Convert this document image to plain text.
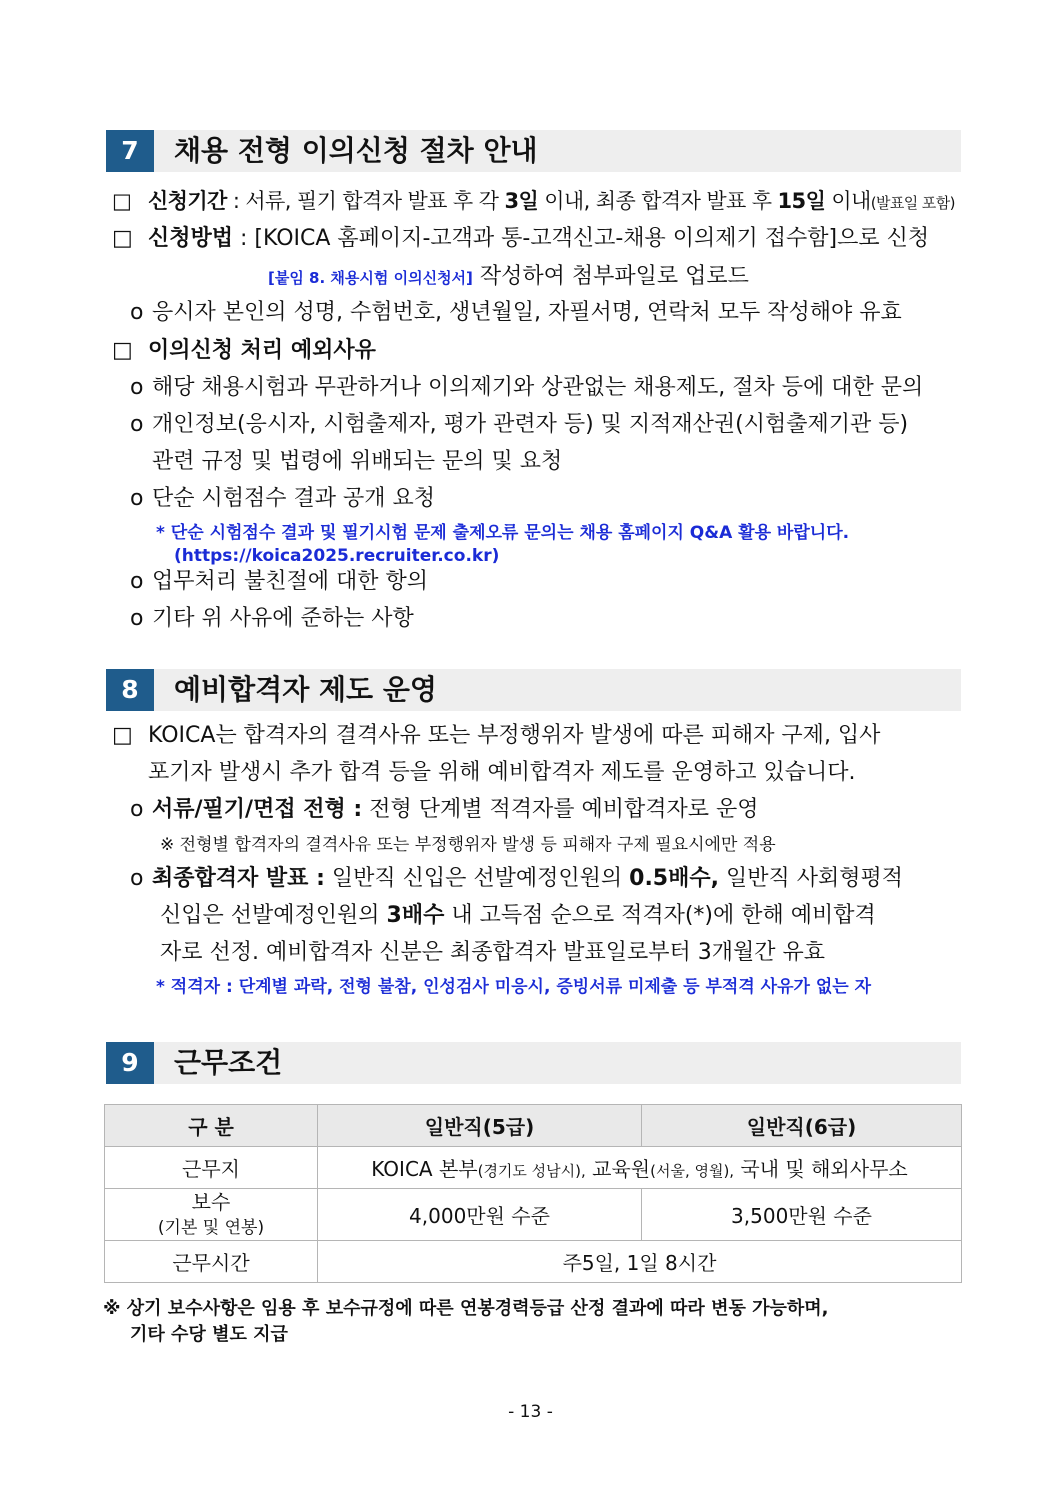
7	채용 전형 이의신청 절차 안내
□ 신청기간 : 서류, 필기 합격자 발표 후 각 3일 이내, 최종 합격자 발표 후 15일 이내(발표일 포함)
□ 신청방법 : [KOICA 홈페이지-고객과 통-고객신고-채용 이의제기 접수함]으로 신청
[붙임 8. 채용시험 이의신청서] 작성하여 첨부파일로 업로드
o 응시자 본인의 성명, 수험번호, 생년월일, 자필서명, 연락처 모두 작성해야 유효
□ 이의신청 처리 예외사유
o 해당 채용시험과 무관하거나 이의제기와 상관없는 채용제도, 절차 등에 대한 문의
o 개인정보(응시자, 시험출제자, 평가 관련자 등) 및 지적재산권(시험출제기관 등)
관련 규정 및 법령에 위배되는 문의 및 요청
o 단순 시험점수 결과 공개 요청
* 단순 시험점수 결과 및 필기시험 문제 출제오류 문의는 채용 홈페이지 Q&A 활용 바랍니다.
(https://koica2025.recruiter.co.kr)
o 업무처리 불친절에 대한 항의
o 기타 위 사유에 준하는 사항
8	예비합격자 제도 운영
□ KOICA는 합격자의 결격사유 또는 부정행위자 발생에 따른 피해자 구제, 입사
포기자 발생시 추가 합격 등을 위해 예비합격자 제도를 운영하고 있습니다.
o 서류/필기/면접 전형 : 전형 단계별 적격자를 예비합격자로 운영
※ 전형별 합격자의 결격사유 또는 부정행위자 발생 등 피해자 구제 필요시에만 적용
o 최종합격자 발표 : 일반직 신입은 선발예정인원의 0.5배수, 일반직 사회형평적
신입은 선발예정인원의 3배수 내 고득점 순으로 적격자(*)에 한해 예비합격
자로 선정. 예비합격자 신분은 최종합격자 발표일로부터 3개월간 유효
* 적격자 : 단계별 과락, 전형 불참, 인성검사 미응시, 증빙서류 미제출 등 부적격 사유가 없는 자
9	근무조건
구 분	일반직(5급)	일반직(6급)
근무지	KOICA 본부(경기도 성남시), 교육원(서울, 영월), 국내 및 해외사무소	
보수
(기본 및 연봉)	4,000만원 수준	3,500만원 수준
근무시간	주5일, 1일 8시간	
※ 상기 보수사항은 임용 후 보수규정에 따른 연봉경력등급 산정 결과에 따라 변동 가능하며,
기타 수당 별도 지급
- 13 -
